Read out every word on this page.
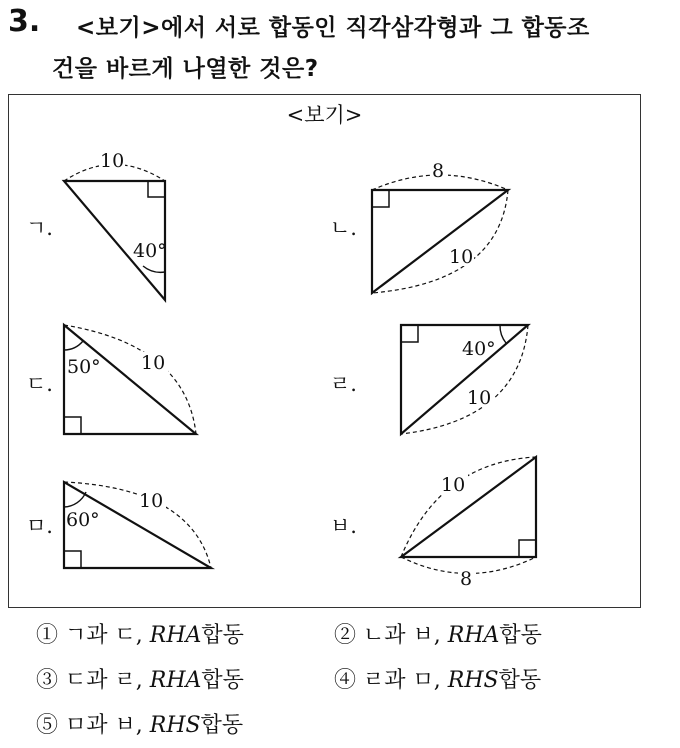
3. <보기>에서 서로 합동인 직각삼각형과 그 합동조
건을 바르게 나열한 것은?
<보기>
ㄱ.	ㄴ.
ㄷ.	ㄹ.
ㅁ.	ㅂ.
10
40°
8
10
50° 10
40°
10
60°
10
10
8
① ㄱ과 ㄷ, RHA합동	② ㄴ과 ㅂ, RHA합동
③ ㄷ과 ㄹ, RHA합동	④ ㄹ과 ㅁ, RHS합동
⑤ ㅁ과 ㅂ, RHS합동
